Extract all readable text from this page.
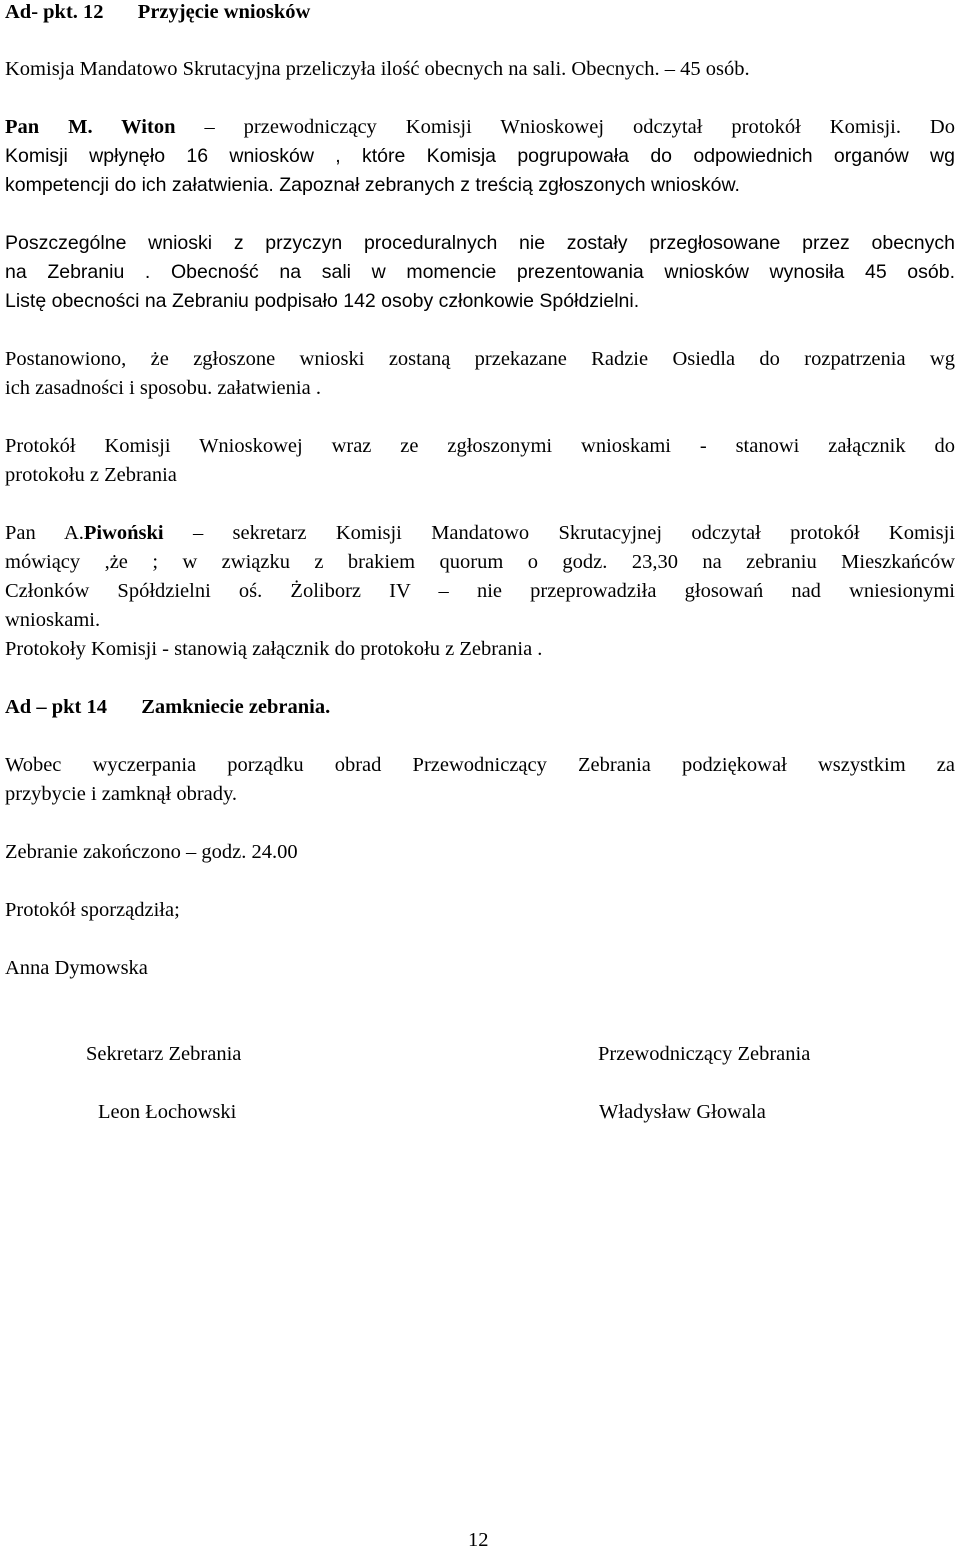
Ad- pkt. 12 Przyjęcie wniosków
Komisja Mandatowo Skrutacyjna przeliczyła ilość obecnych na sali. Obecnych. – 45 osób.
Pan M. Witon – przewodniczący Komisji Wnioskowej odczytał protokół Komisji. Do
Komisji wpłynęło 16 wniosków , które Komisja pogrupowała do odpowiednich organów wg
kompetencji do ich załatwienia. Zapoznał zebranych z treścią zgłoszonych wniosków.
Poszczególne wnioski z przyczyn proceduralnych nie zostały przegłosowane przez obecnych
na Zebraniu . Obecność na sali w momencie prezentowania wniosków wynosiła 45 osób.
Listę obecności na Zebraniu podpisało 142 osoby członkowie Spółdzielni.
Postanowiono, że zgłoszone wnioski zostaną przekazane Radzie Osiedla do rozpatrzenia wg
ich zasadności i sposobu. załatwienia .
Protokół Komisji Wnioskowej wraz ze zgłoszonymi wnioskami - stanowi załącznik do
protokołu z Zebrania
Pan A.Piwoński – sekretarz Komisji Mandatowo Skrutacyjnej odczytał protokół Komisji
mówiący ,że ; w związku z brakiem quorum o godz. 23,30 na zebraniu Mieszkańców
Członków Spółdzielni oś. Żoliborz IV – nie przeprowadziła głosowań nad wniesionymi
wnioskami.
Protokoły Komisji - stanowią załącznik do protokołu z Zebrania .
Ad – pkt 14 Zamkniecie zebrania.
Wobec wyczerpania porządku obrad Przewodniczący Zebrania podziękował wszystkim za
przybycie i zamknął obrady.
Zebranie zakończono – godz. 24.00
Protokół sporządziła;
Anna Dymowska
Sekretarz Zebrania
Leon Łochowski
Przewodniczący Zebrania
Władysław Głowala
12
